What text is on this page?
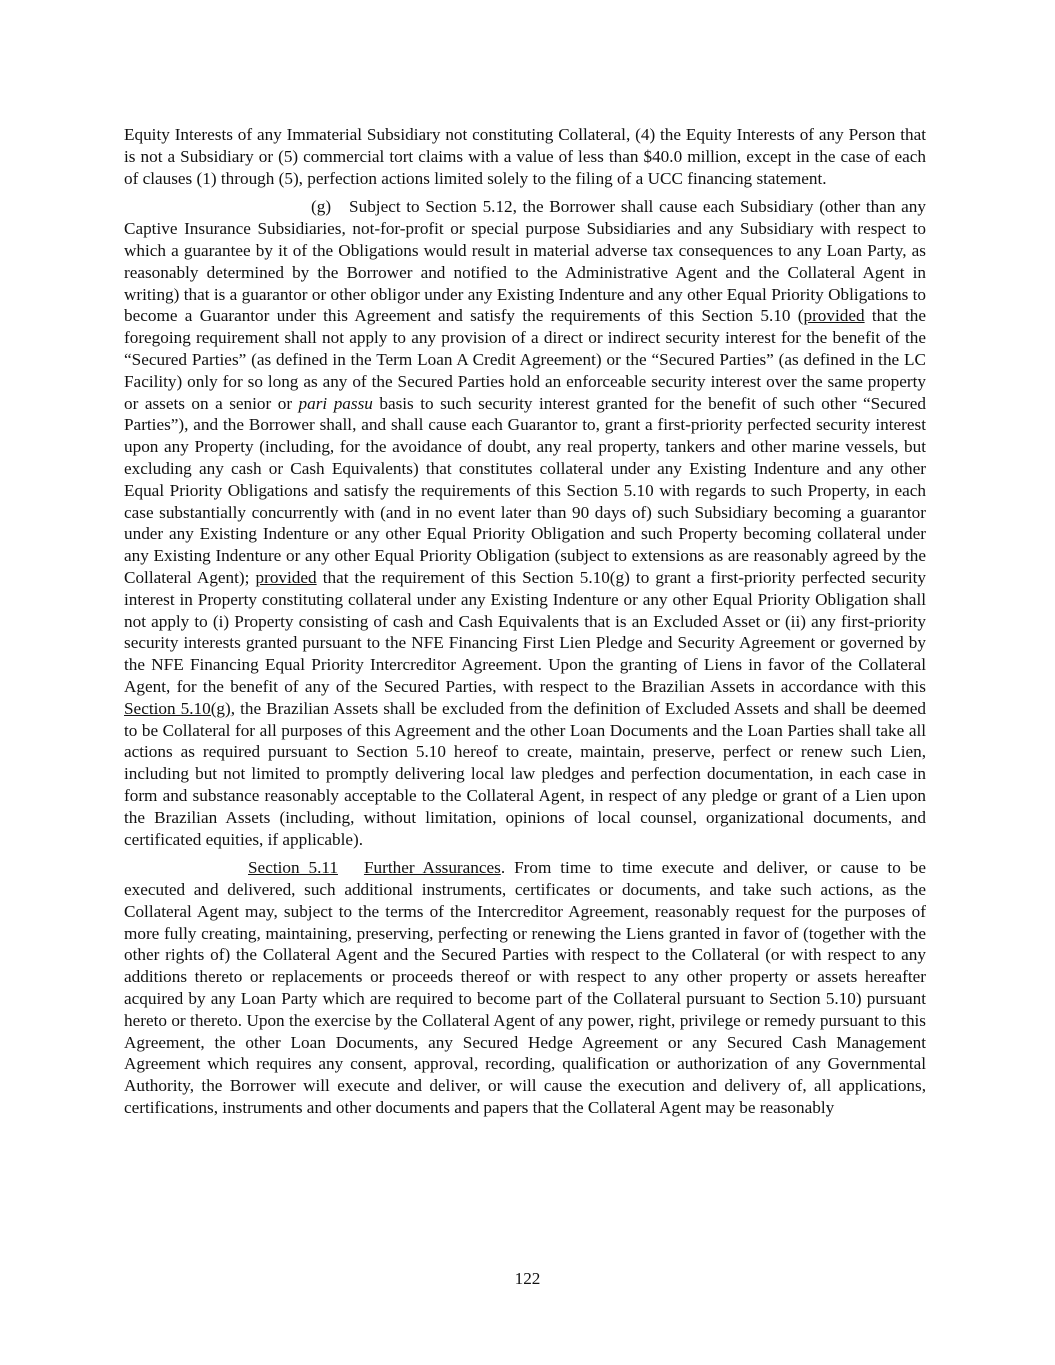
Equity Interests of any Immaterial Subsidiary not constituting Collateral, (4) the Equity Interests of any Person that is not a Subsidiary or (5) commercial tort claims with a value of less than $40.0 million, except in the case of each of clauses (1) through (5), perfection actions limited solely to the filing of a UCC financing statement.

(g) Subject to Section 5.12, the Borrower shall cause each Subsidiary (other than any Captive Insurance Subsidiaries, not-for-profit or special purpose Subsidiaries and any Subsidiary with respect to which a guarantee by it of the Obligations would result in material adverse tax consequences to any Loan Party, as reasonably determined by the Borrower and notified to the Administrative Agent and the Collateral Agent in writing) that is a guarantor or other obligor under any Existing Indenture and any other Equal Priority Obligations to become a Guarantor under this Agreement and satisfy the requirements of this Section 5.10 (provided that the foregoing requirement shall not apply to any provision of a direct or indirect security interest for the benefit of the “Secured Parties” (as defined in the Term Loan A Credit Agreement) or the “Secured Parties” (as defined in the LC Facility) only for so long as any of the Secured Parties hold an enforceable security interest over the same property or assets on a senior or pari passu basis to such security interest granted for the benefit of such other “Secured Parties”), and the Borrower shall, and shall cause each Guarantor to, grant a first-priority perfected security interest upon any Property (including, for the avoidance of doubt, any real property, tankers and other marine vessels, but excluding any cash or Cash Equivalents) that constitutes collateral under any Existing Indenture and any other Equal Priority Obligations and satisfy the requirements of this Section 5.10 with regards to such Property, in each case substantially concurrently with (and in no event later than 90 days of) such Subsidiary becoming a guarantor under any Existing Indenture or any other Equal Priority Obligation and such Property becoming collateral under any Existing Indenture or any other Equal Priority Obligation (subject to extensions as are reasonably agreed by the Collateral Agent); provided that the requirement of this Section 5.10(g) to grant a first-priority perfected security interest in Property constituting collateral under any Existing Indenture or any other Equal Priority Obligation shall not apply to (i) Property consisting of cash and Cash Equivalents that is an Excluded Asset or (ii) any first-priority security interests granted pursuant to the NFE Financing First Lien Pledge and Security Agreement or governed by the NFE Financing Equal Priority Intercreditor Agreement. Upon the granting of Liens in favor of the Collateral Agent, for the benefit of any of the Secured Parties, with respect to the Brazilian Assets in accordance with this Section 5.10(g), the Brazilian Assets shall be excluded from the definition of Excluded Assets and shall be deemed to be Collateral for all purposes of this Agreement and the other Loan Documents and the Loan Parties shall take all actions as required pursuant to Section 5.10 hereof to create, maintain, preserve, perfect or renew such Lien, including but not limited to promptly delivering local law pledges and perfection documentation, in each case in form and substance reasonably acceptable to the Collateral Agent, in respect of any pledge or grant of a Lien upon the Brazilian Assets (including, without limitation, opinions of local counsel, organizational documents, and certificated equities, if applicable).

Section 5.11 Further Assurances. From time to time execute and deliver, or cause to be executed and delivered, such additional instruments, certificates or documents, and take such actions, as the Collateral Agent may, subject to the terms of the Intercreditor Agreement, reasonably request for the purposes of more fully creating, maintaining, preserving, perfecting or renewing the Liens granted in favor of (together with the other rights of) the Collateral Agent and the Secured Parties with respect to the Collateral (or with respect to any additions thereto or replacements or proceeds thereof or with respect to any other property or assets hereafter acquired by any Loan Party which are required to become part of the Collateral pursuant to Section 5.10) pursuant hereto or thereto. Upon the exercise by the Collateral Agent of any power, right, privilege or remedy pursuant to this Agreement, the other Loan Documents, any Secured Hedge Agreement or any Secured Cash Management Agreement which requires any consent, approval, recording, qualification or authorization of any Governmental Authority, the Borrower will execute and deliver, or will cause the execution and delivery of, all applications, certifications, instruments and other documents and papers that the Collateral Agent may be reasonably

122
